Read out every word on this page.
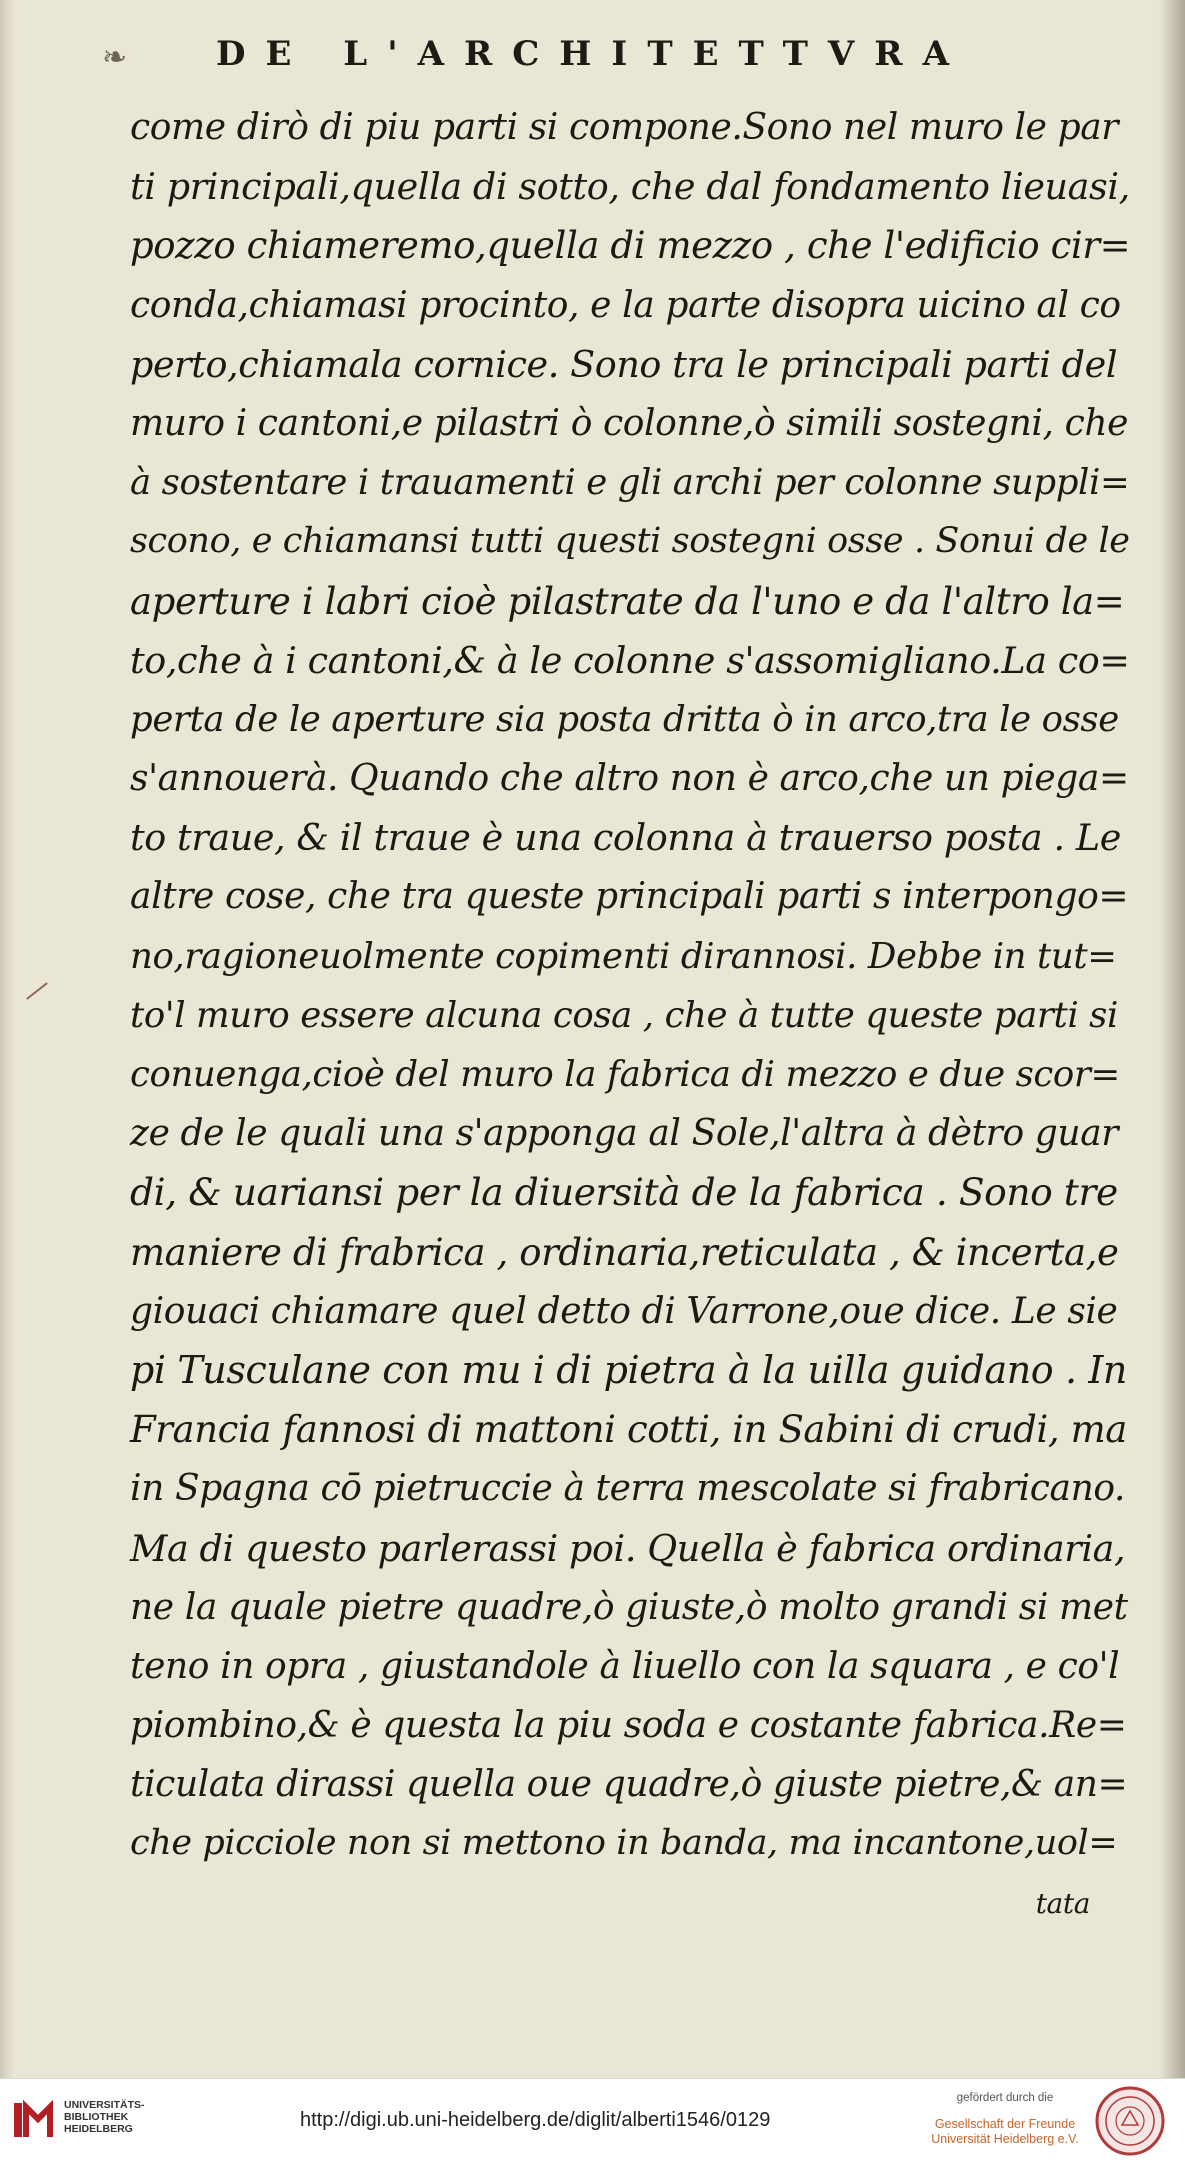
❧	DE L'ARCHITETTVRA
come dirò di piu parti si compone.Sono nel muro le par
ti principali,quella di sotto, che dal fondamento lieuasi,
pozzo chiameremo,quella di mezzo , che l'edificio cir=
conda,chiamasi procinto, e la parte disopra uicino al co
perto,chiamala cornice. Sono tra le principali parti del
muro i cantoni,e pilastri ò colonne,ò simili sostegni, che
à sostentare i trauamenti e gli archi per colonne suppli=
scono, e chiamansi tutti questi sostegni osse . Sonui de le
aperture i labri cioè pilastrate da l'uno e da l'altro la=
to,che à i cantoni,& à le colonne s'assomigliano.La co=
perta de le aperture sia posta dritta ò in arco,tra le osse
s'annouerà. Quando che altro non è arco,che un piega=
to traue, & il traue è una colonna à trauerso posta . Le
altre cose, che tra queste principali parti s interpongo=
no,ragioneuolmente copimenti dirannosi. Debbe in tut=
to'l muro essere alcuna cosa , che à tutte queste parti si
conuenga,cioè del muro la fabrica di mezzo e due scor=
ze de le quali una s'apponga al Sole,l'altra à dètro guar
di, & uariansi per la diuersità de la fabrica . Sono tre
maniere di frabrica , ordinaria,reticulata , & incerta,e
giouaci chiamare quel detto di Varrone,oue dice. Le sie
pi Tusculane con mu i di pietra à la uilla guidano . In
Francia fannosi di mattoni cotti, in Sabini di crudi, ma
in Spagna cō pietruccie à terra mescolate si frabricano.
Ma di questo parlerassi poi. Quella è fabrica ordinaria,
ne la quale pietre quadre,ò giuste,ò molto grandi si met
teno in opra , giustandole à liuello con la squara , e co'l
piombino,& è questa la piu soda e costante fabrica.Re=
ticulata dirassi quella oue quadre,ò giuste pietre,& an=
che picciole non si mettono in banda, ma incantone,uol=
tata
UNIVERSITÄTS-
BIBLIOTHEK
HEIDELBERG	http://digi.ub.uni-heidelberg.de/diglit/alberti1546/0129
gefördert durch die
Gesellschaft der Freunde
Universität Heidelberg e.V.
